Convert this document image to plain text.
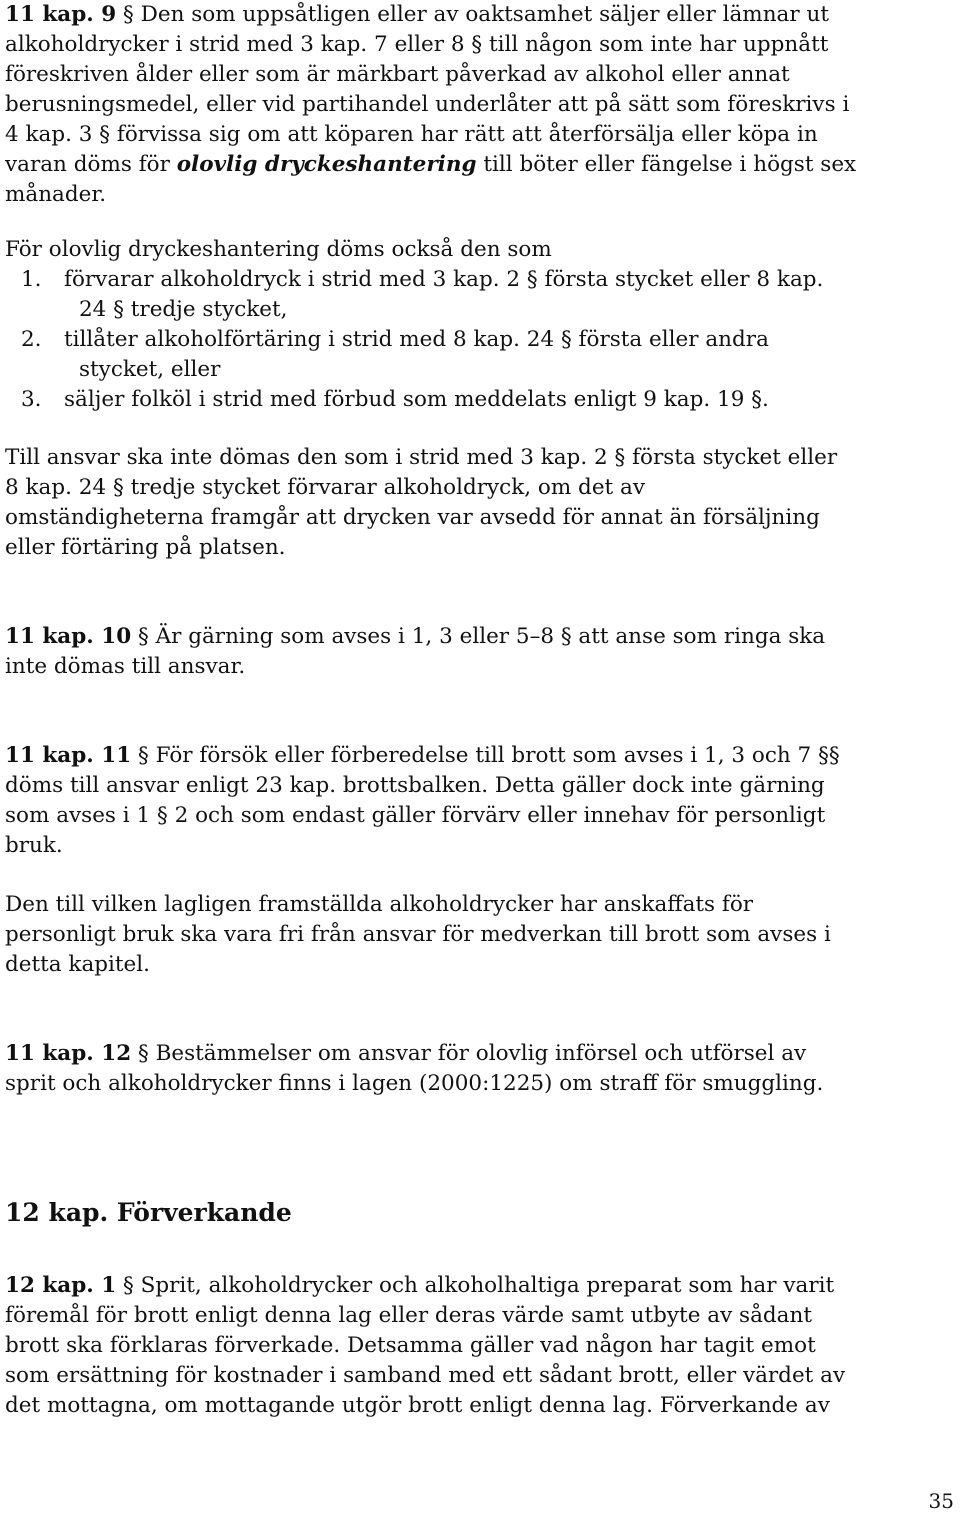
11 kap. 9 § Den som uppsåtligen eller av oaktsamhet säljer eller lämnar ut
alkoholdrycker i strid med 3 kap. 7 eller 8 § till någon som inte har uppnått
föreskriven ålder eller som är märkbart påverkad av alkohol eller annat
berusningsmedel, eller vid partihandel underlåter att på sätt som föreskrivs i
4 kap. 3 § förvissa sig om att köparen har rätt att återförsälja eller köpa in
varan döms för olovlig dryckeshantering till böter eller fängelse i högst sex
månader.
För olovlig dryckeshantering döms också den som
1. förvarar alkoholdryck i strid med 3 kap. 2 § första stycket eller 8 kap.
24 § tredje stycket,
2. tillåter alkoholförtäring i strid med 8 kap. 24 § första eller andra
stycket, eller
3. säljer folköl i strid med förbud som meddelats enligt 9 kap. 19 §.
Till ansvar ska inte dömas den som i strid med 3 kap. 2 § första stycket eller
8 kap. 24 § tredje stycket förvarar alkoholdryck, om det av
omständigheterna framgår att drycken var avsedd för annat än försäljning
eller förtäring på platsen.
11 kap. 10 § Är gärning som avses i 1, 3 eller 5–8 § att anse som ringa ska
inte dömas till ansvar.
11 kap. 11 § För försök eller förberedelse till brott som avses i 1, 3 och 7 §§
döms till ansvar enligt 23 kap. brottsbalken. Detta gäller dock inte gärning
som avses i 1 § 2 och som endast gäller förvärv eller innehav för personligt
bruk.
Den till vilken lagligen framställda alkoholdrycker har anskaffats för
personligt bruk ska vara fri från ansvar för medverkan till brott som avses i
detta kapitel.
11 kap. 12 § Bestämmelser om ansvar för olovlig införsel och utförsel av
sprit och alkoholdrycker finns i lagen (2000:1225) om straff för smuggling.
12 kap. Förverkande
12 kap. 1 § Sprit, alkoholdrycker och alkoholhaltiga preparat som har varit
föremål för brott enligt denna lag eller deras värde samt utbyte av sådant
brott ska förklaras förverkade. Detsamma gäller vad någon har tagit emot
som ersättning för kostnader i samband med ett sådant brott, eller värdet av
det mottagna, om mottagande utgör brott enligt denna lag. Förverkande av
35
